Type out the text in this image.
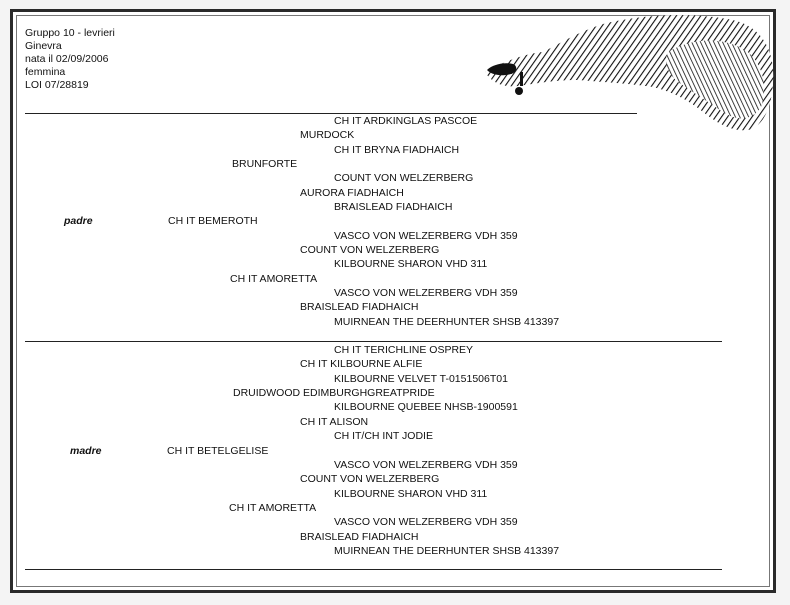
Gruppo 10 - levrieri
Ginevra
nata il 02/09/2006
femmina
LOI 07/28819
CH IT ARDKINGLAS PASCOE
MURDOCK
CH IT BRYNA FIADHAICH
BRUNFORTE
COUNT VON WELZERBERG
AURORA FIADHAICH
BRAISLEAD FIADHAICH
padre	CH IT BEMEROTH
VASCO VON WELZERBERG VDH 359
COUNT VON WELZERBERG
KILBOURNE SHARON VHD 311
CH IT AMORETTA
VASCO VON WELZERBERG VDH 359
BRAISLEAD FIADHAICH
MUIRNEAN THE DEERHUNTER SHSB 413397
CH IT TERICHLINE OSPREY
CH IT KILBOURNE ALFIE
KILBOURNE VELVET T-0151506T01
DRUIDWOOD EDIMBURGHGREATPRIDE
KILBOURNE QUEBEE NHSB-1900591
CH IT ALISON
CH IT/CH INT JODIE
madre	CH IT BETELGELISE
VASCO VON WELZERBERG VDH 359
COUNT VON WELZERBERG
KILBOURNE SHARON VHD 311
CH IT AMORETTA
VASCO VON WELZERBERG VDH 359
BRAISLEAD FIADHAICH
MUIRNEAN THE DEERHUNTER SHSB 413397
